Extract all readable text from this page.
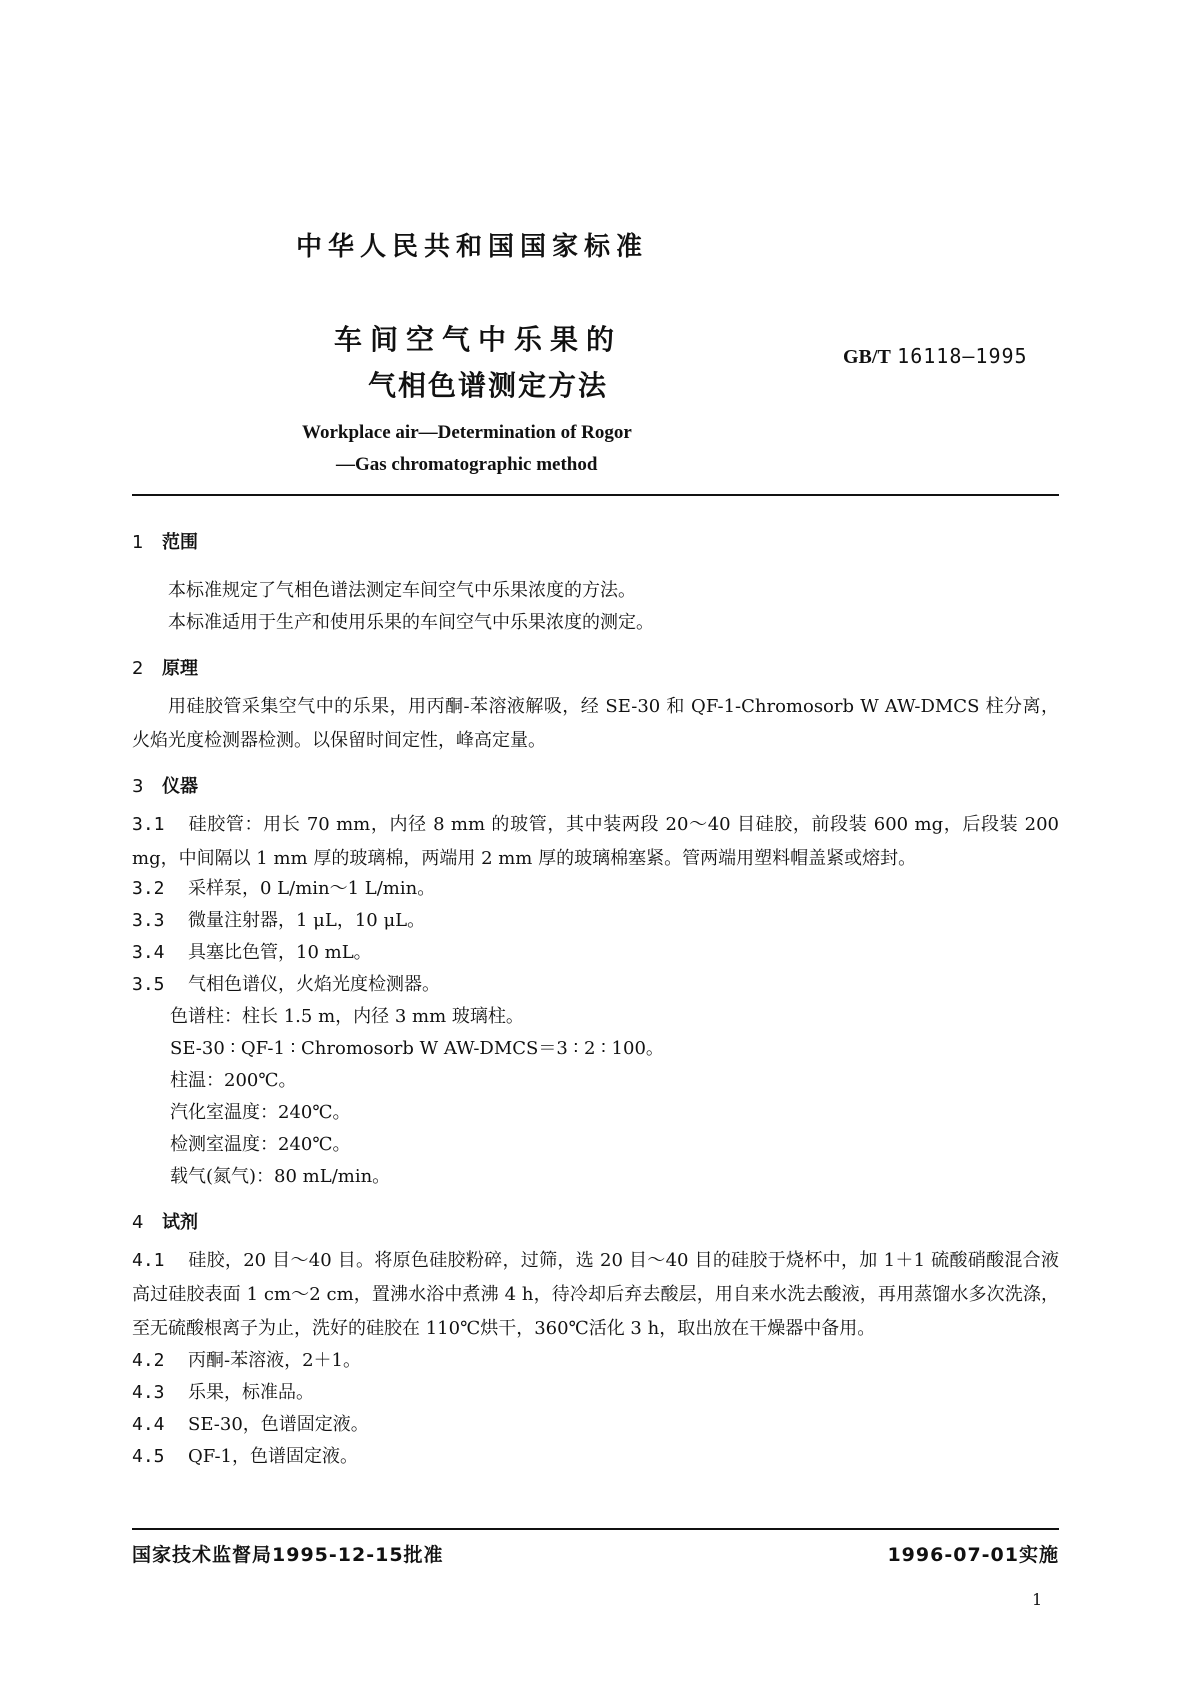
中华人民共和国国家标准
车间空气中乐果的
气相色谱测定方法
GB/T 16118—1995
Workplace air—Determination of Rogor
—Gas chromatographic method
1 范围
本标准规定了气相色谱法测定车间空气中乐果浓度的方法。
本标准适用于生产和使用乐果的车间空气中乐果浓度的测定。
2 原理
用硅胶管采集空气中的乐果，用丙酮-苯溶液解吸，经 SE-30 和 QF-1-Chromosorb W AW-DMCS 柱分离，火焰光度检测器检测。以保留时间定性，峰高定量。
3 仪器
3.1 硅胶管：用长 70 mm，内径 8 mm 的玻管，其中装两段 20～40 目硅胶，前段装 600 mg，后段装 200 mg，中间隔以 1 mm 厚的玻璃棉，两端用 2 mm 厚的玻璃棉塞紧。管两端用塑料帽盖紧或熔封。
3.2 采样泵，0 L/min～1 L/min。
3.3 微量注射器，1 μL，10 μL。
3.4 具塞比色管，10 mL。
3.5 气相色谱仪，火焰光度检测器。
色谱柱：柱长 1.5 m，内径 3 mm 玻璃柱。
SE-30 ∶ QF-1 ∶ Chromosorb W AW-DMCS＝3 ∶ 2 ∶ 100。
柱温：200℃。
汽化室温度：240℃。
检测室温度：240℃。
载气(氮气)：80 mL/min。
4 试剂
4.1 硅胶，20 目～40 目。将原色硅胶粉碎，过筛，选 20 目～40 目的硅胶于烧杯中，加 1＋1 硫酸硝酸混合液高过硅胶表面 1 cm～2 cm，置沸水浴中煮沸 4 h，待冷却后弃去酸层，用自来水洗去酸液，再用蒸馏水多次洗涤，至无硫酸根离子为止，洗好的硅胶在 110℃烘干，360℃活化 3 h，取出放在干燥器中备用。
4.2 丙酮-苯溶液，2＋1。
4.3 乐果，标准品。
4.4 SE-30，色谱固定液。
4.5 QF-1，色谱固定液。
国家技术监督局1995-12-15批准	1996-07-01实施
1
